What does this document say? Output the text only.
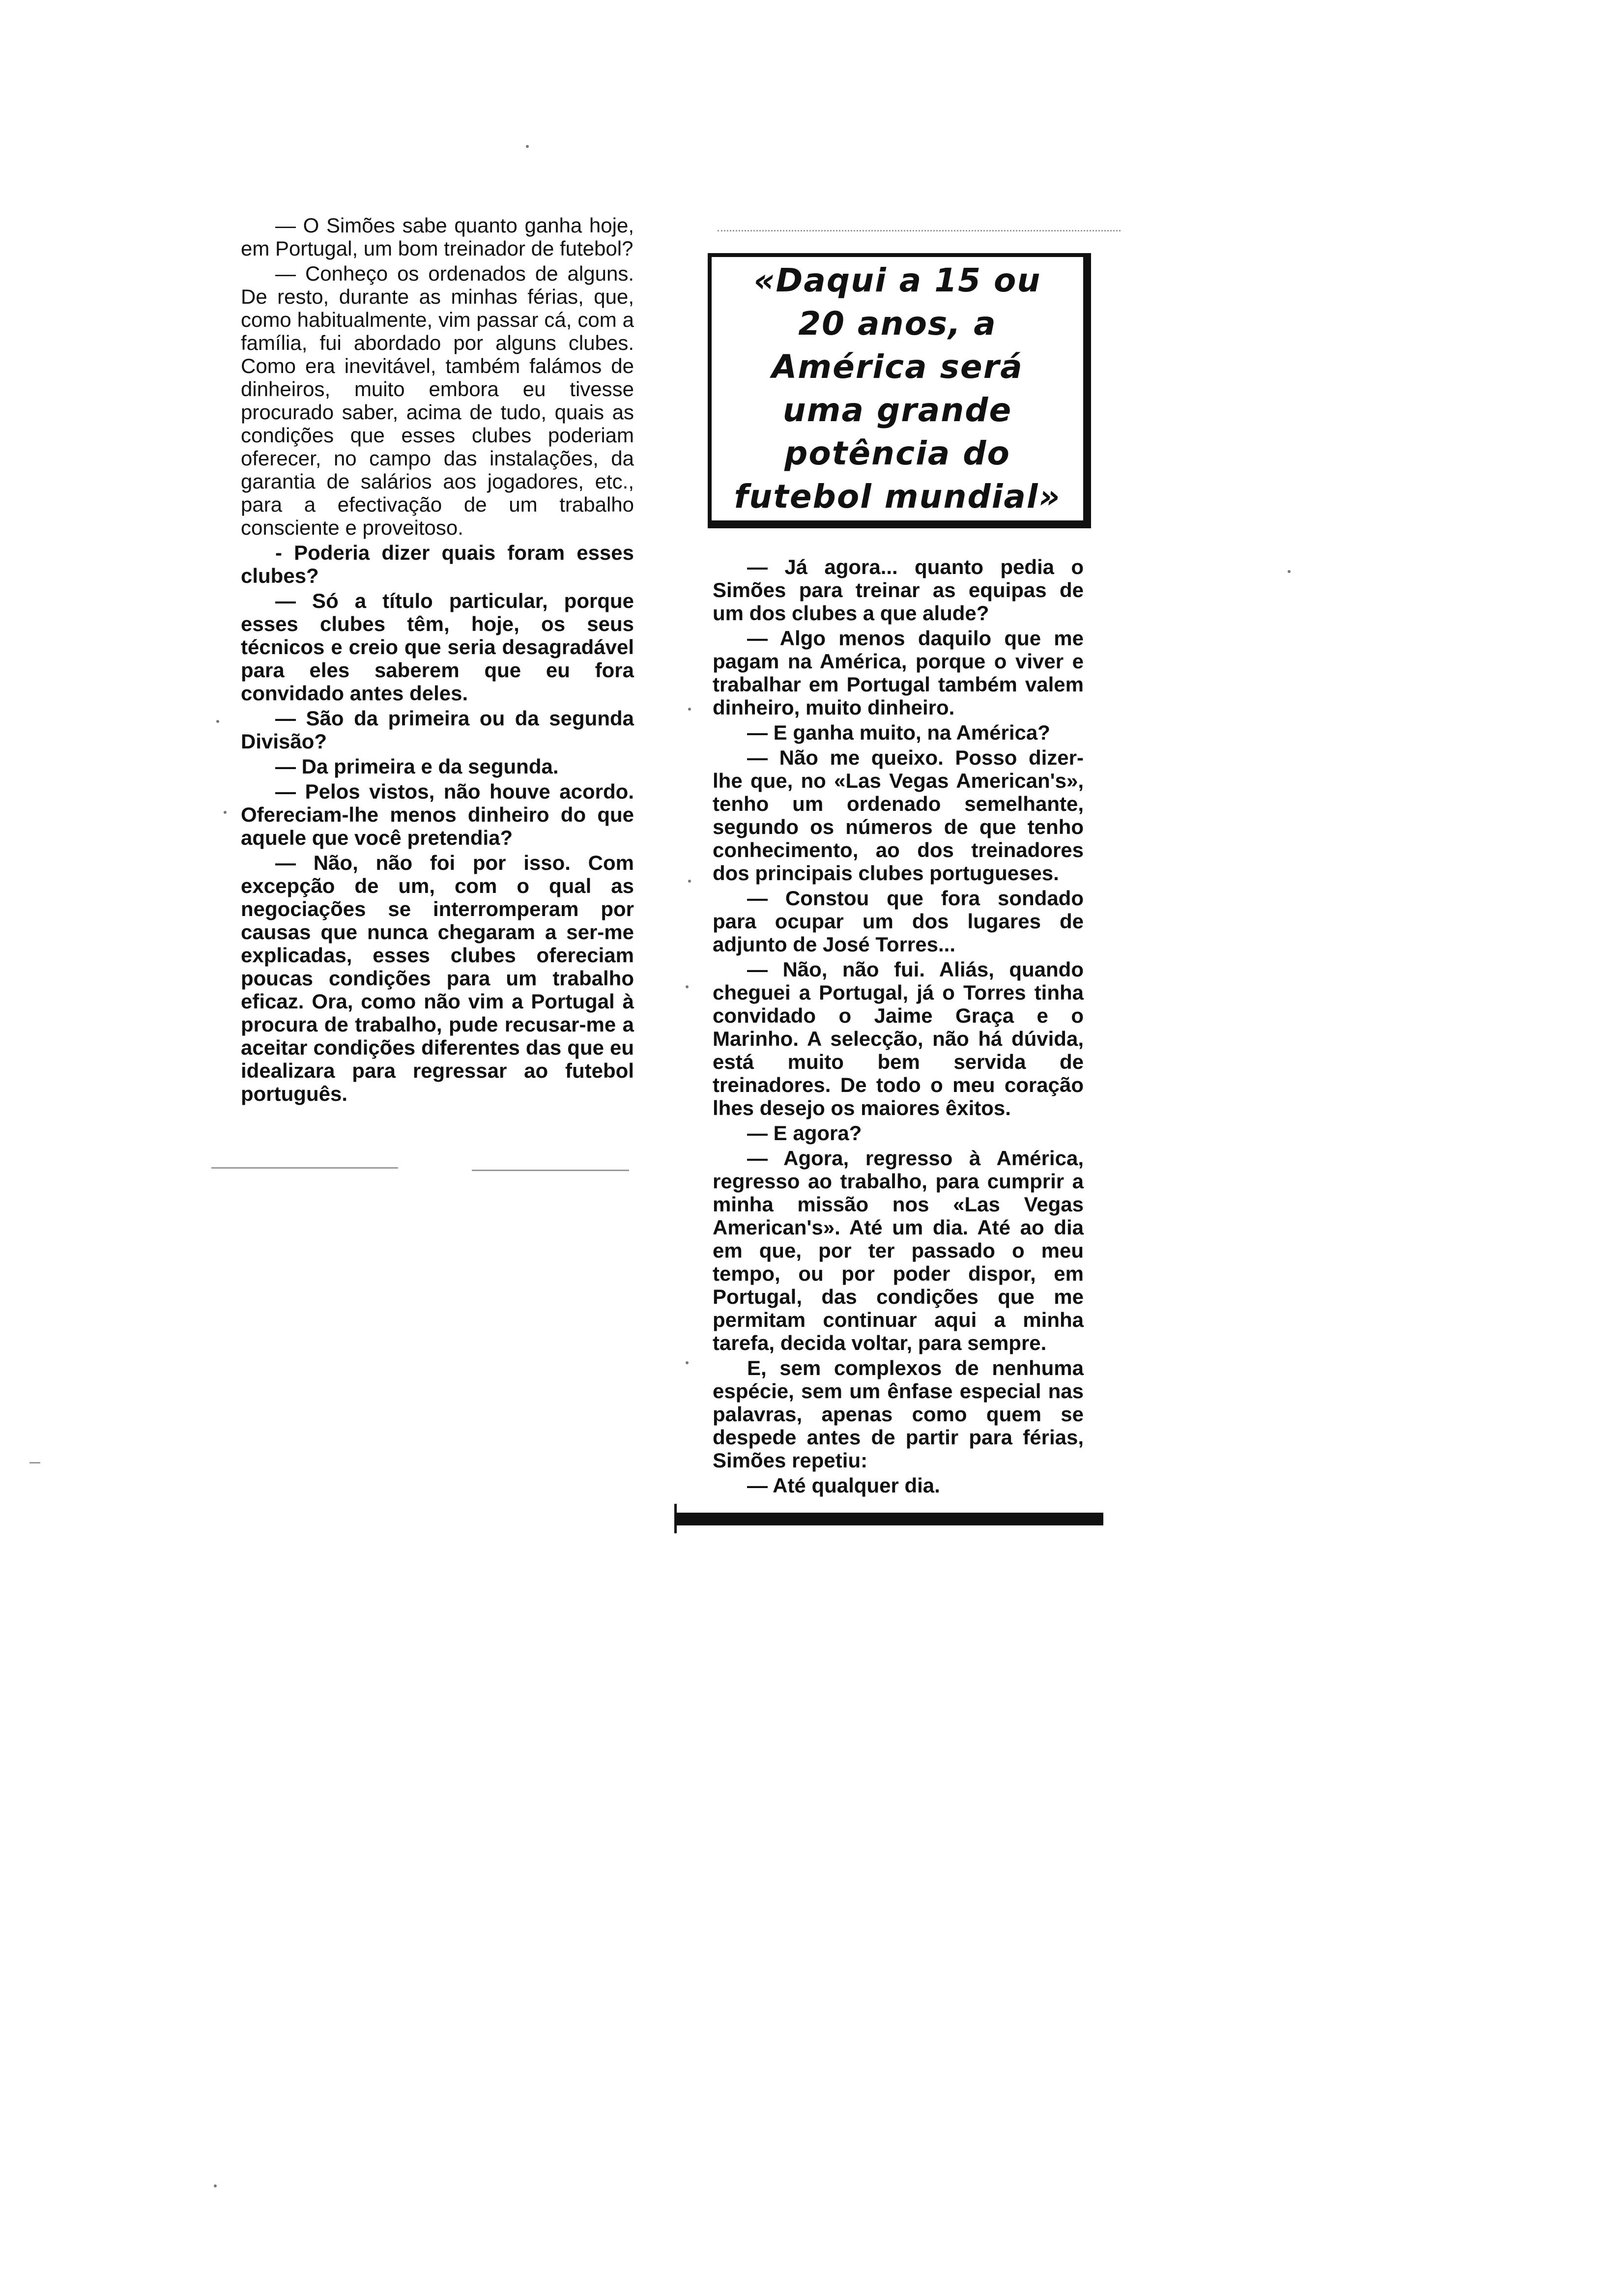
— O Simões sabe quanto ganha hoje, em Portugal, um bom treinador de futebol?

— Conheço os ordenados de alguns. De resto, durante as minhas férias, que, como habitualmente, vim passar cá, com a família, fui abordado por alguns clubes. Como era inevitável, também falámos de dinheiros, muito embora eu tivesse procurado saber, acima de tudo, quais as condições que esses clubes poderiam oferecer, no campo das instalações, da garantia de salários aos jogadores, etc., para a efectivação de um trabalho consciente e proveitoso.

- Poderia dizer quais foram esses clubes?

— Só a título particular, porque esses clubes têm, hoje, os seus técnicos e creio que seria desagradável para eles saberem que eu fora convidado antes deles.

— São da primeira ou da segunda Divisão?

— Da primeira e da segunda.

— Pelos vistos, não houve acordo. Ofereciam-lhe menos dinheiro do que aquele que você pretendia?

— Não, não foi por isso. Com excepção de um, com o qual as negociações se interromperam por causas que nunca chegaram a ser-me explicadas, esses clubes ofereciam poucas condições para um trabalho eficaz. Ora, como não vim a Portugal à procura de trabalho, pude recusar-me a aceitar condições diferentes das que eu idealizara para regressar ao futebol português.

«Daqui a 15 ou 20 anos, a América será uma grande potência do futebol mundial»

— Já agora... quanto pedia o Simões para treinar as equipas de um dos clubes a que alude?

— Algo menos daquilo que me pagam na América, porque o viver e trabalhar em Portugal também valem dinheiro, muito dinheiro.

— E ganha muito, na América?

— Não me queixo. Posso dizer-lhe que, no «Las Vegas American's», tenho um ordenado semelhante, segundo os números de que tenho conhecimento, ao dos treinadores dos principais clubes portugueses.

— Constou que fora sondado para ocupar um dos lugares de adjunto de José Torres...

— Não, não fui. Aliás, quando cheguei a Portugal, já o Torres tinha convidado o Jaime Graça e o Marinho. A selecção, não há dúvida, está muito bem servida de treinadores. De todo o meu coração lhes desejo os maiores êxitos.

— E agora?

— Agora, regresso à América, regresso ao trabalho, para cumprir a minha missão nos «Las Vegas American's». Até um dia. Até ao dia em que, por ter passado o meu tempo, ou por poder dispor, em Portugal, das condições que me permitam continuar aqui a minha tarefa, decida voltar, para sempre.

E, sem complexos de nenhuma espécie, sem um ênfase especial nas palavras, apenas como quem se despede antes de partir para férias, Simões repetiu:

— Até qualquer dia.
